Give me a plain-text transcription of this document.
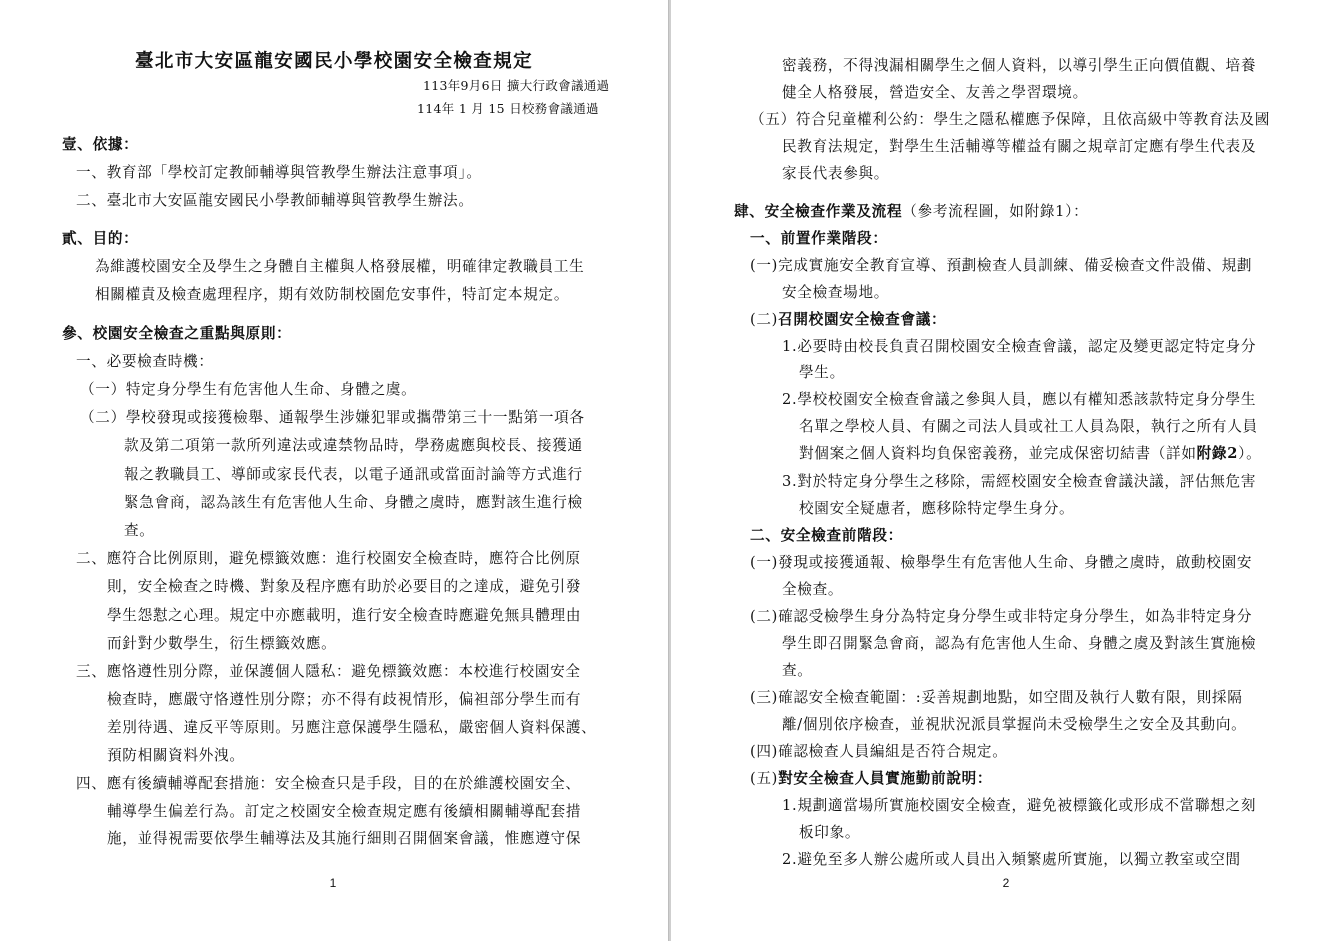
臺北市大安區龍安國民小學校園安全檢查規定
113年9月6日 擴大行政會議通過
114年 1 月 15 日校務會議通過
壹、依據：
一、教育部「學校訂定教師輔導與管教學生辦法注意事項」。
二、臺北市大安區龍安國民小學教師輔導與管教學生辦法。
貳、目的：
為維護校園安全及學生之身體自主權與人格發展權，明確律定教職員工生
相關權責及檢查處理程序，期有效防制校園危安事件，特訂定本規定。
參、校園安全檢查之重點與原則：
一、必要檢查時機：
（一）特定身分學生有危害他人生命、身體之虞。
（二）學校發現或接獲檢舉、通報學生涉嫌犯罪或攜帶第三十一點第一項各
款及第二項第一款所列違法或違禁物品時，學務處應與校長、接獲通
報之教職員工、導師或家長代表，以電子通訊或當面討論等方式進行
緊急會商，認為該生有危害他人生命、身體之虞時，應對該生進行檢
查。
二、應符合比例原則，避免標籤效應：進行校園安全檢查時，應符合比例原
則，安全檢查之時機、對象及程序應有助於必要目的之達成，避免引發
學生怨懟之心理。規定中亦應載明，進行安全檢查時應避免無具體理由
而針對少數學生，衍生標籤效應。
三、應恪遵性別分際，並保護個人隱私：避免標籤效應：本校進行校園安全
檢查時，應嚴守恪遵性別分際；亦不得有歧視情形，偏袒部分學生而有
差別待遇、違反平等原則。另應注意保護學生隱私，嚴密個人資料保護、
預防相關資料外洩。
四、應有後續輔導配套措施：安全檢查只是手段，目的在於維護校園安全、
輔導學生偏差行為。訂定之校園安全檢查規定應有後續相關輔導配套措
施，並得視需要依學生輔導法及其施行細則召開個案會議，惟應遵守保
1
密義務，不得洩漏相關學生之個人資料，以導引學生正向價值觀、培養
健全人格發展，營造安全、友善之學習環境。
（五）符合兒童權利公約：學生之隱私權應予保障，且依高級中等教育法及國
民教育法規定，對學生生活輔導等權益有關之規章訂定應有學生代表及
家長代表參與。
肆、安全檢查作業及流程（參考流程圖，如附錄1）：
一、前置作業階段：
(一)完成實施安全教育宣導、預劃檢查人員訓練、備妥檢查文件設備、規劃
安全檢查場地。
(二)召開校園安全檢查會議：
1.必要時由校長負責召開校園安全檢查會議，認定及變更認定特定身分
學生。
2.學校校園安全檢查會議之參與人員，應以有權知悉該款特定身分學生
名單之學校人員、有關之司法人員或社工人員為限，執行之所有人員
對個案之個人資料均負保密義務，並完成保密切結書（詳如附錄2）。
3.對於特定身分學生之移除，需經校園安全檢查會議決議，評估無危害
校園安全疑慮者，應移除特定學生身分。
二、安全檢查前階段：
(一)發現或接獲通報、檢舉學生有危害他人生命、身體之虞時，啟動校園安
全檢查。
(二)確認受檢學生身分為特定身分學生或非特定身分學生，如為非特定身分
學生即召開緊急會商，認為有危害他人生命、身體之虞及對該生實施檢
查。
(三)確認安全檢查範圍：:妥善規劃地點，如空間及執行人數有限，則採隔
離/個別依序檢查，並視狀況派員掌握尚未受檢學生之安全及其動向。
(四)確認檢查人員編組是否符合規定。
(五)對安全檢查人員實施勤前說明：
1.規劃適當場所實施校園安全檢查，避免被標籤化或形成不當聯想之刻
板印象。
2.避免至多人辦公處所或人員出入頻繁處所實施，以獨立教室或空間
2
